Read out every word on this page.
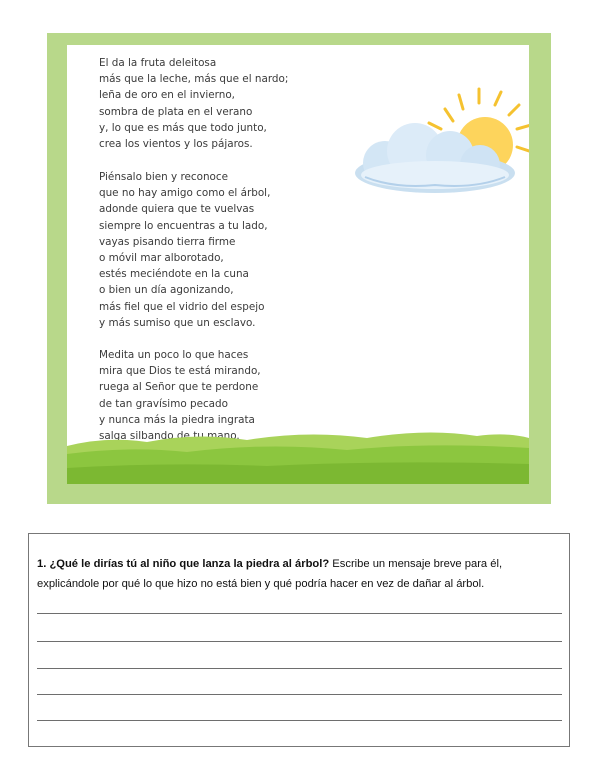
El da la fruta deleitosa
más que la leche, más que el nardo;
leña de oro en el invierno,
sombra de plata en el verano
y, lo que es más que todo junto,
crea los vientos y los pájaros.
Piénsalo bien y reconoce
que no hay amigo como el árbol,
adonde quiera que te vuelvas
siempre lo encuentras a tu lado,
vayas pisando tierra firme
o móvil mar alborotado,
estés meciéndote en la cuna
o bien un día agonizando,
más fiel que el vidrio del espejo
y más sumiso que un esclavo.
Medita un poco lo que haces
mira que Dios te está mirando,
ruega al Señor que te perdone
de tan gravísimo pecado
y nunca más la piedra ingrata
salga silbando de tu mano.

1. ¿Qué le dirías tú al niño que lanza la piedra al árbol? Escribe un mensaje breve para él, explicándole por qué lo que hizo no está bien y qué podría hacer en vez de dañar al árbol.
